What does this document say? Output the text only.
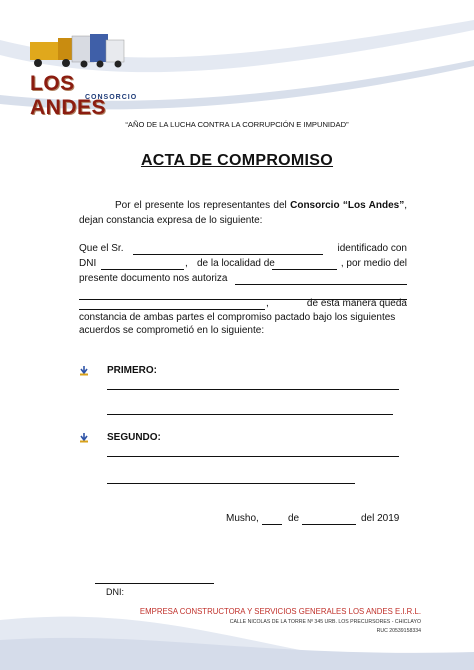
LOS ANDES
CONSORCIO
“AÑO DE LA LUCHA CONTRA LA CORRUPCIÓN E IMPUNIDAD”
ACTA DE COMPROMISO
Por el presente los representantes del Consorcio “Los Andes”, dejan constancia expresa de lo siguiente:
Que el Sr.	identificado con
DNI	, de la localidad de	, por medio del
presente documento nos autoriza
,	de esta manera queda
constancia de ambas partes el compromiso pactado bajo los siguientes
acuerdos se comprometió en lo siguiente:
PRIMERO:
SEGUNDO:
Musho,	de	del 2019
DNI:
EMPRESA CONSTRUCTORA Y SERVICIOS GENERALES LOS ANDES E.I.R.L.
CALLE NICOLAS DE LA TORRE Nº 345 URB. LOS PRECURSORES - CHICLAYO
RUC 20539158334
